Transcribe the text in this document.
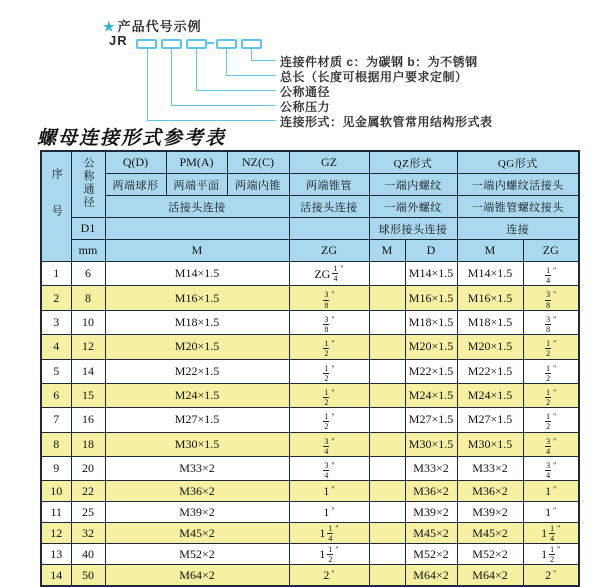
★ 产品代号示例
JR
连接件材质 c：为碳钢 b：为不锈钢
总长（长度可根据用户要求定制）
公称通径
公称压力
连接形式：见金属软管常用结构形式表
螺母连接形式参考表
序号	公称通径	Q(D)	PM(A)	NZ(C)	GZ	QZ形式		QG形式	
		两端球形	两端平面	两端内锥	两端锥管	一端内螺纹		一端内螺纹活接头	
		活接头连接			活接头连接	一端外螺纹		一端锥管螺纹接头	
	D1					球形接头连接		连接	
	mm	M			ZG	M	D	M	ZG
1	6	M14×1.5			ZG $\frac{1}{4}$ ″		M14×1.5	M14×1.5	$\frac{1}{4}$ ″

2	8	M16×1.5			$\frac{3}{8}$ ″		M16×1.5	M16×1.5	$\frac{3}{8}$ ″

3	10	M18×1.5			$\frac{3}{8}$ ″		M18×1.5	M18×1.5	$\frac{3}{8}$ ″

4	12	M20×1.5			$\frac{1}{2}$ ″		M20×1.5	M20×1.5	$\frac{1}{2}$ ″

5	14	M22×1.5			$\frac{1}{2}$ ″		M22×1.5	M22×1.5	$\frac{1}{2}$ ″

6	15	M24×1.5			$\frac{1}{2}$ ″		M24×1.5	M24×1.5	$\frac{1}{2}$ ″

7	16	M27×1.5			$\frac{1}{2}$ ″		M27×1.5	M27×1.5	$\frac{1}{2}$ ″

8	18	M30×1.5			$\frac{3}{4}$ ″		M30×1.5	M30×1.5	$\frac{3}{4}$ ″

9	20	M33×2			$\frac{3}{4}$ ″		M33×2	M33×2	$\frac{3}{4}$ ″

10	22	M36×2			1 ″		M36×2	M36×2	1 ″

11	25	M39×2			1 ″		M39×2	M39×2	1 ″

12	32	M45×2			$1 \frac{1}{4}$ ″		M45×2	M45×2	$1 \frac{1}{4}$ ″

13	40	M52×2			$1 \frac{1}{2}$ ″		M52×2	M52×2	$1 \frac{1}{2}$ ″

14	50	M64×2			2 ″		M64×2	M64×2	2 ″
